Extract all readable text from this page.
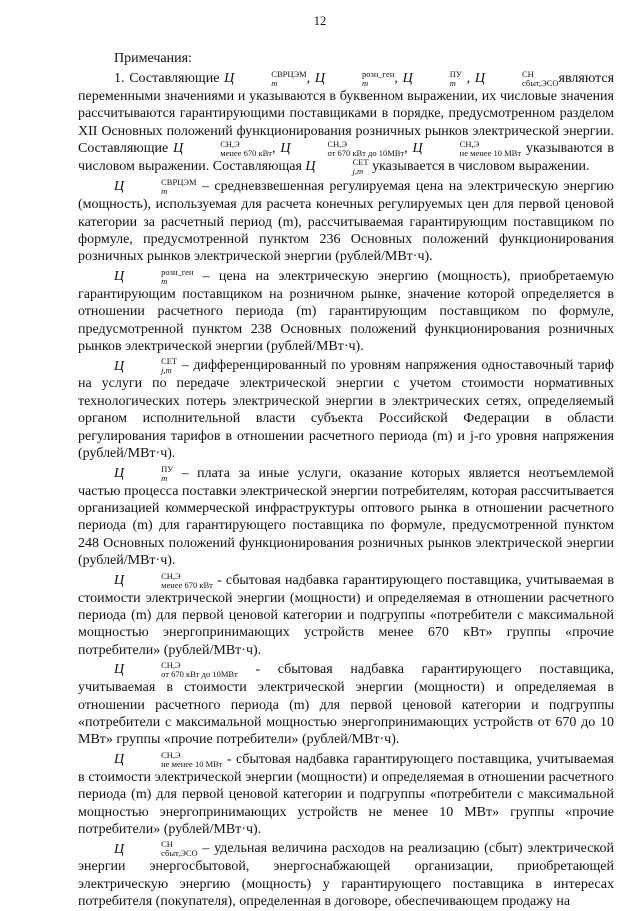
12
Примечания:

1. Составляющие Ц	СВРЦЭМ
m	, Ц	розн_ген
m	, Ц	ПУ
m , Ц	СН
сбыт,ЭСО являются переменными значениями и указываются в буквенном выражении, их числовые значения рассчитываются гарантирующими поставщиками в порядке, предусмотренном разделом XII Основных положений функционирования розничных рынков электрической энергии. Составляющие Ц	СН,Э
менее 670 кВт , Ц	СН,Э
от 670 кВт до 10МВт , Ц	СН,Э
не менее 10 МВт указываются в числовом выражении. Составляющая Ц	СЕТ
j,m указывается в числовом выражении.

Ц	СВРЦЭМ
m	– средневзвешенная регулируемая цена на электрическую энергию (мощность), используемая для расчета конечных регулируемых цен для первой ценовой категории за расчетный период (m), рассчитываемая гарантирующим поставщиком по формуле, предусмотренной пунктом 236 Основных положений функционирования розничных рынков электрической энергии (рублей/МВт·ч).

Ц	розн_ген
m	– цена на электрическую энергию (мощность), приобретаемую гарантирующим поставщиком на розничном рынке, значение которой определяется в отношении расчетного периода (m) гарантирующим поставщиком по формуле, предусмотренной пунктом 238 Основных положений функционирования розничных рынков электрической энергии (рублей/МВт·ч).

Ц	СЕТ
j,m – дифференцированный по уровням напряжения одноставочный тариф на услуги по передаче электрической энергии с учетом стоимости нормативных технологических потерь электрической энергии в электрических сетях, определяемый органом исполнительной власти субъекта Российской Федерации в области регулирования тарифов в отношении расчетного периода (m) и j-го уровня напряжения (рублей/МВт·ч).

Ц	ПУ
m – плата за иные услуги, оказание которых является неотъемлемой частью процесса поставки электрической энергии потребителям, которая рассчитывается организацией коммерческой инфраструктуры оптового рынка в отношении расчетного периода (m) для гарантирующего поставщика по формуле, предусмотренной пунктом 248 Основных положений функционирования розничных рынков электрической энергии (рублей/МВт·ч).

Ц	СН,Э
менее 670 кВт - сбытовая надбавка гарантирующего поставщика, учитываемая в стоимости электрической энергии (мощности) и определяемая в отношении расчетного периода (m) для первой ценовой категории и подгруппы «потребители с максимальной мощностью энергопринимающих устройств менее 670 кВт» группы «прочие потребители» (рублей/МВт·ч).

Ц	СН,Э
от 670 кВт до 10МВт - сбытовая надбавка гарантирующего поставщика, учитываемая в стоимости электрической энергии (мощности) и определяемая в отношении расчетного периода (m) для первой ценовой категории и подгруппы «потребители с максимальной мощностью энергопринимающих устройств от 670 до 10 МВт» группы «прочие потребители» (рублей/МВт·ч).

Ц	СН,Э
не менее 10 МВт - сбытовая надбавка гарантирующего поставщика, учитываемая в стоимости электрической энергии (мощности) и определяемая в отношении расчетного периода (m) для первой ценовой категории и подгруппы «потребители с максимальной мощностью энергопринимающих устройств не менее 10 МВт» группы «прочие потребители» (рублей/МВт·ч).

Ц	СН
сбыт,ЭСО – удельная величина расходов на реализацию (сбыт) электрической энергии энергосбытовой, энергоснабжающей организации, приобретающей электрическую энергию (мощность) у гарантирующего поставщика в интересах потребителя (покупателя), определенная в договоре, обеспечивающем продажу на
